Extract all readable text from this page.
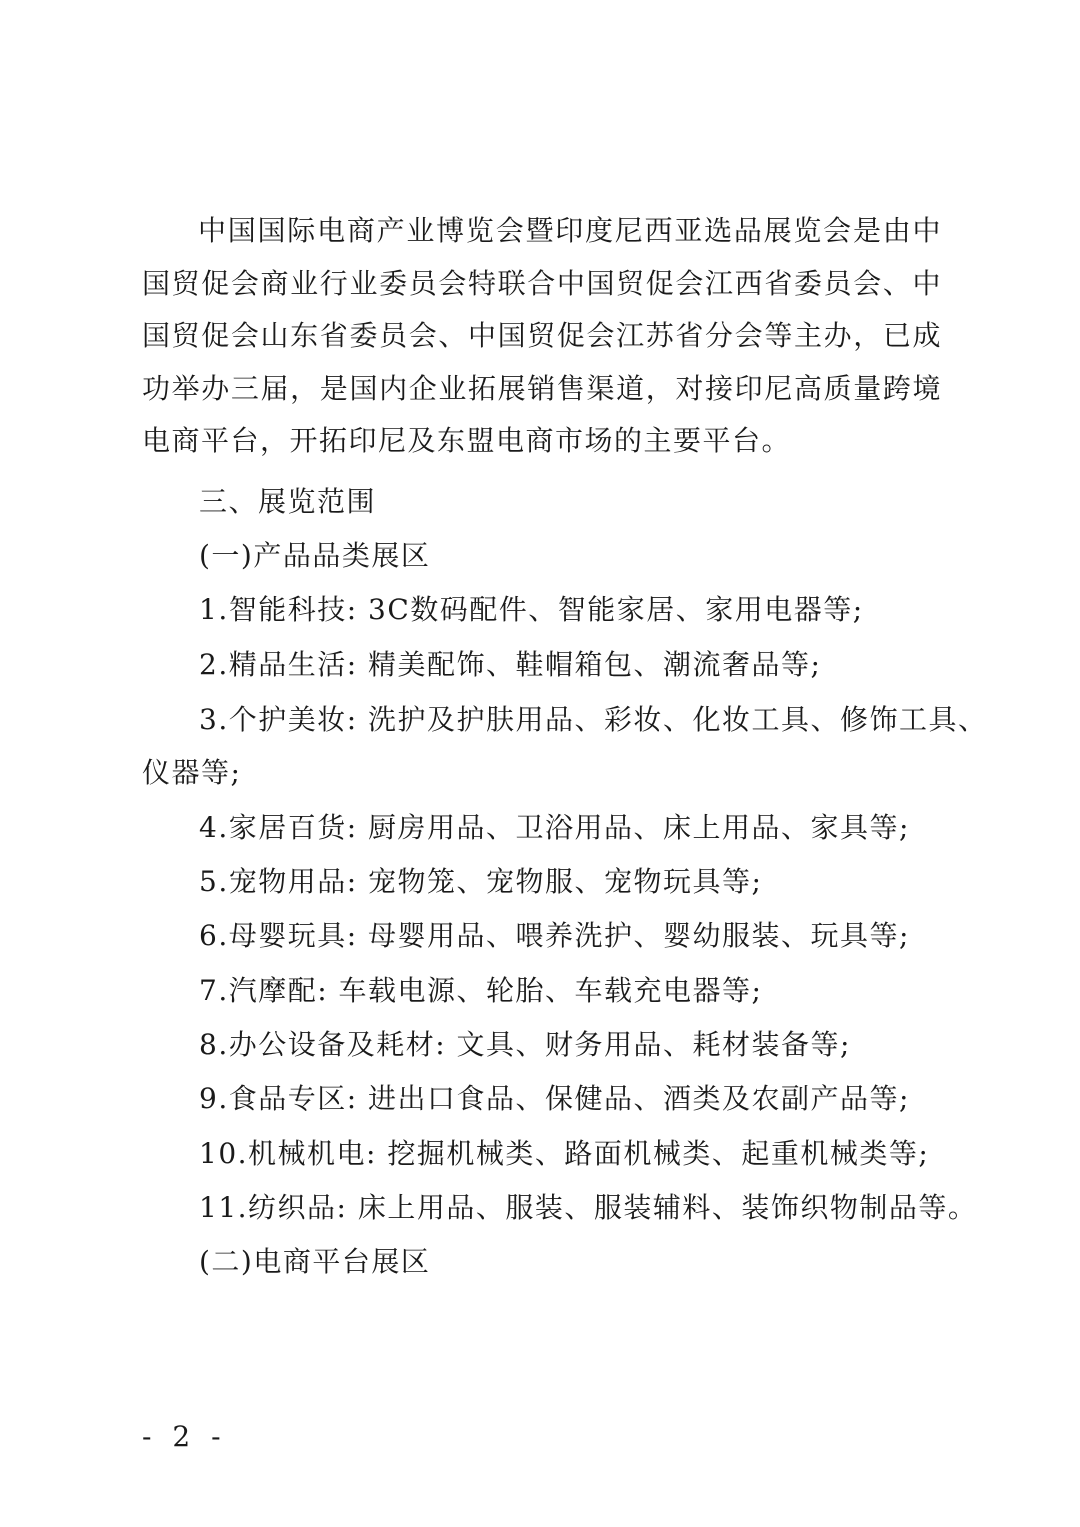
中国国际电商产业博览会暨印度尼西亚选品展览会是由中国贸促会商业行业委员会特联合中国贸促会江西省委员会、中国贸促会山东省委员会、中国贸促会江苏省分会等主办，已成功举办三届，是国内企业拓展销售渠道，对接印尼高质量跨境电商平台，开拓印尼及东盟电商市场的主要平台。

三、展览范围
(一)产品品类展区
1.智能科技: 3C数码配件、智能家居、家用电器等;
2.精品生活: 精美配饰、鞋帽箱包、潮流奢品等;
3.个护美妆: 洗护及护肤用品、彩妆、化妆工具、修饰工具、
仪器等;
4.家居百货: 厨房用品、卫浴用品、床上用品、家具等;
5.宠物用品: 宠物笼、宠物服、宠物玩具等;
6.母婴玩具: 母婴用品、喂养洗护、婴幼服装、玩具等;
7.汽摩配: 车载电源、轮胎、车载充电器等;
8.办公设备及耗材: 文具、财务用品、耗材装备等;
9.食品专区: 进出口食品、保健品、酒类及农副产品等;
10.机械机电: 挖掘机械类、路面机械类、起重机械类等;
11.纺织品: 床上用品、服装、服装辅料、装饰织物制品等。
(二)电商平台展区
- 2 -
